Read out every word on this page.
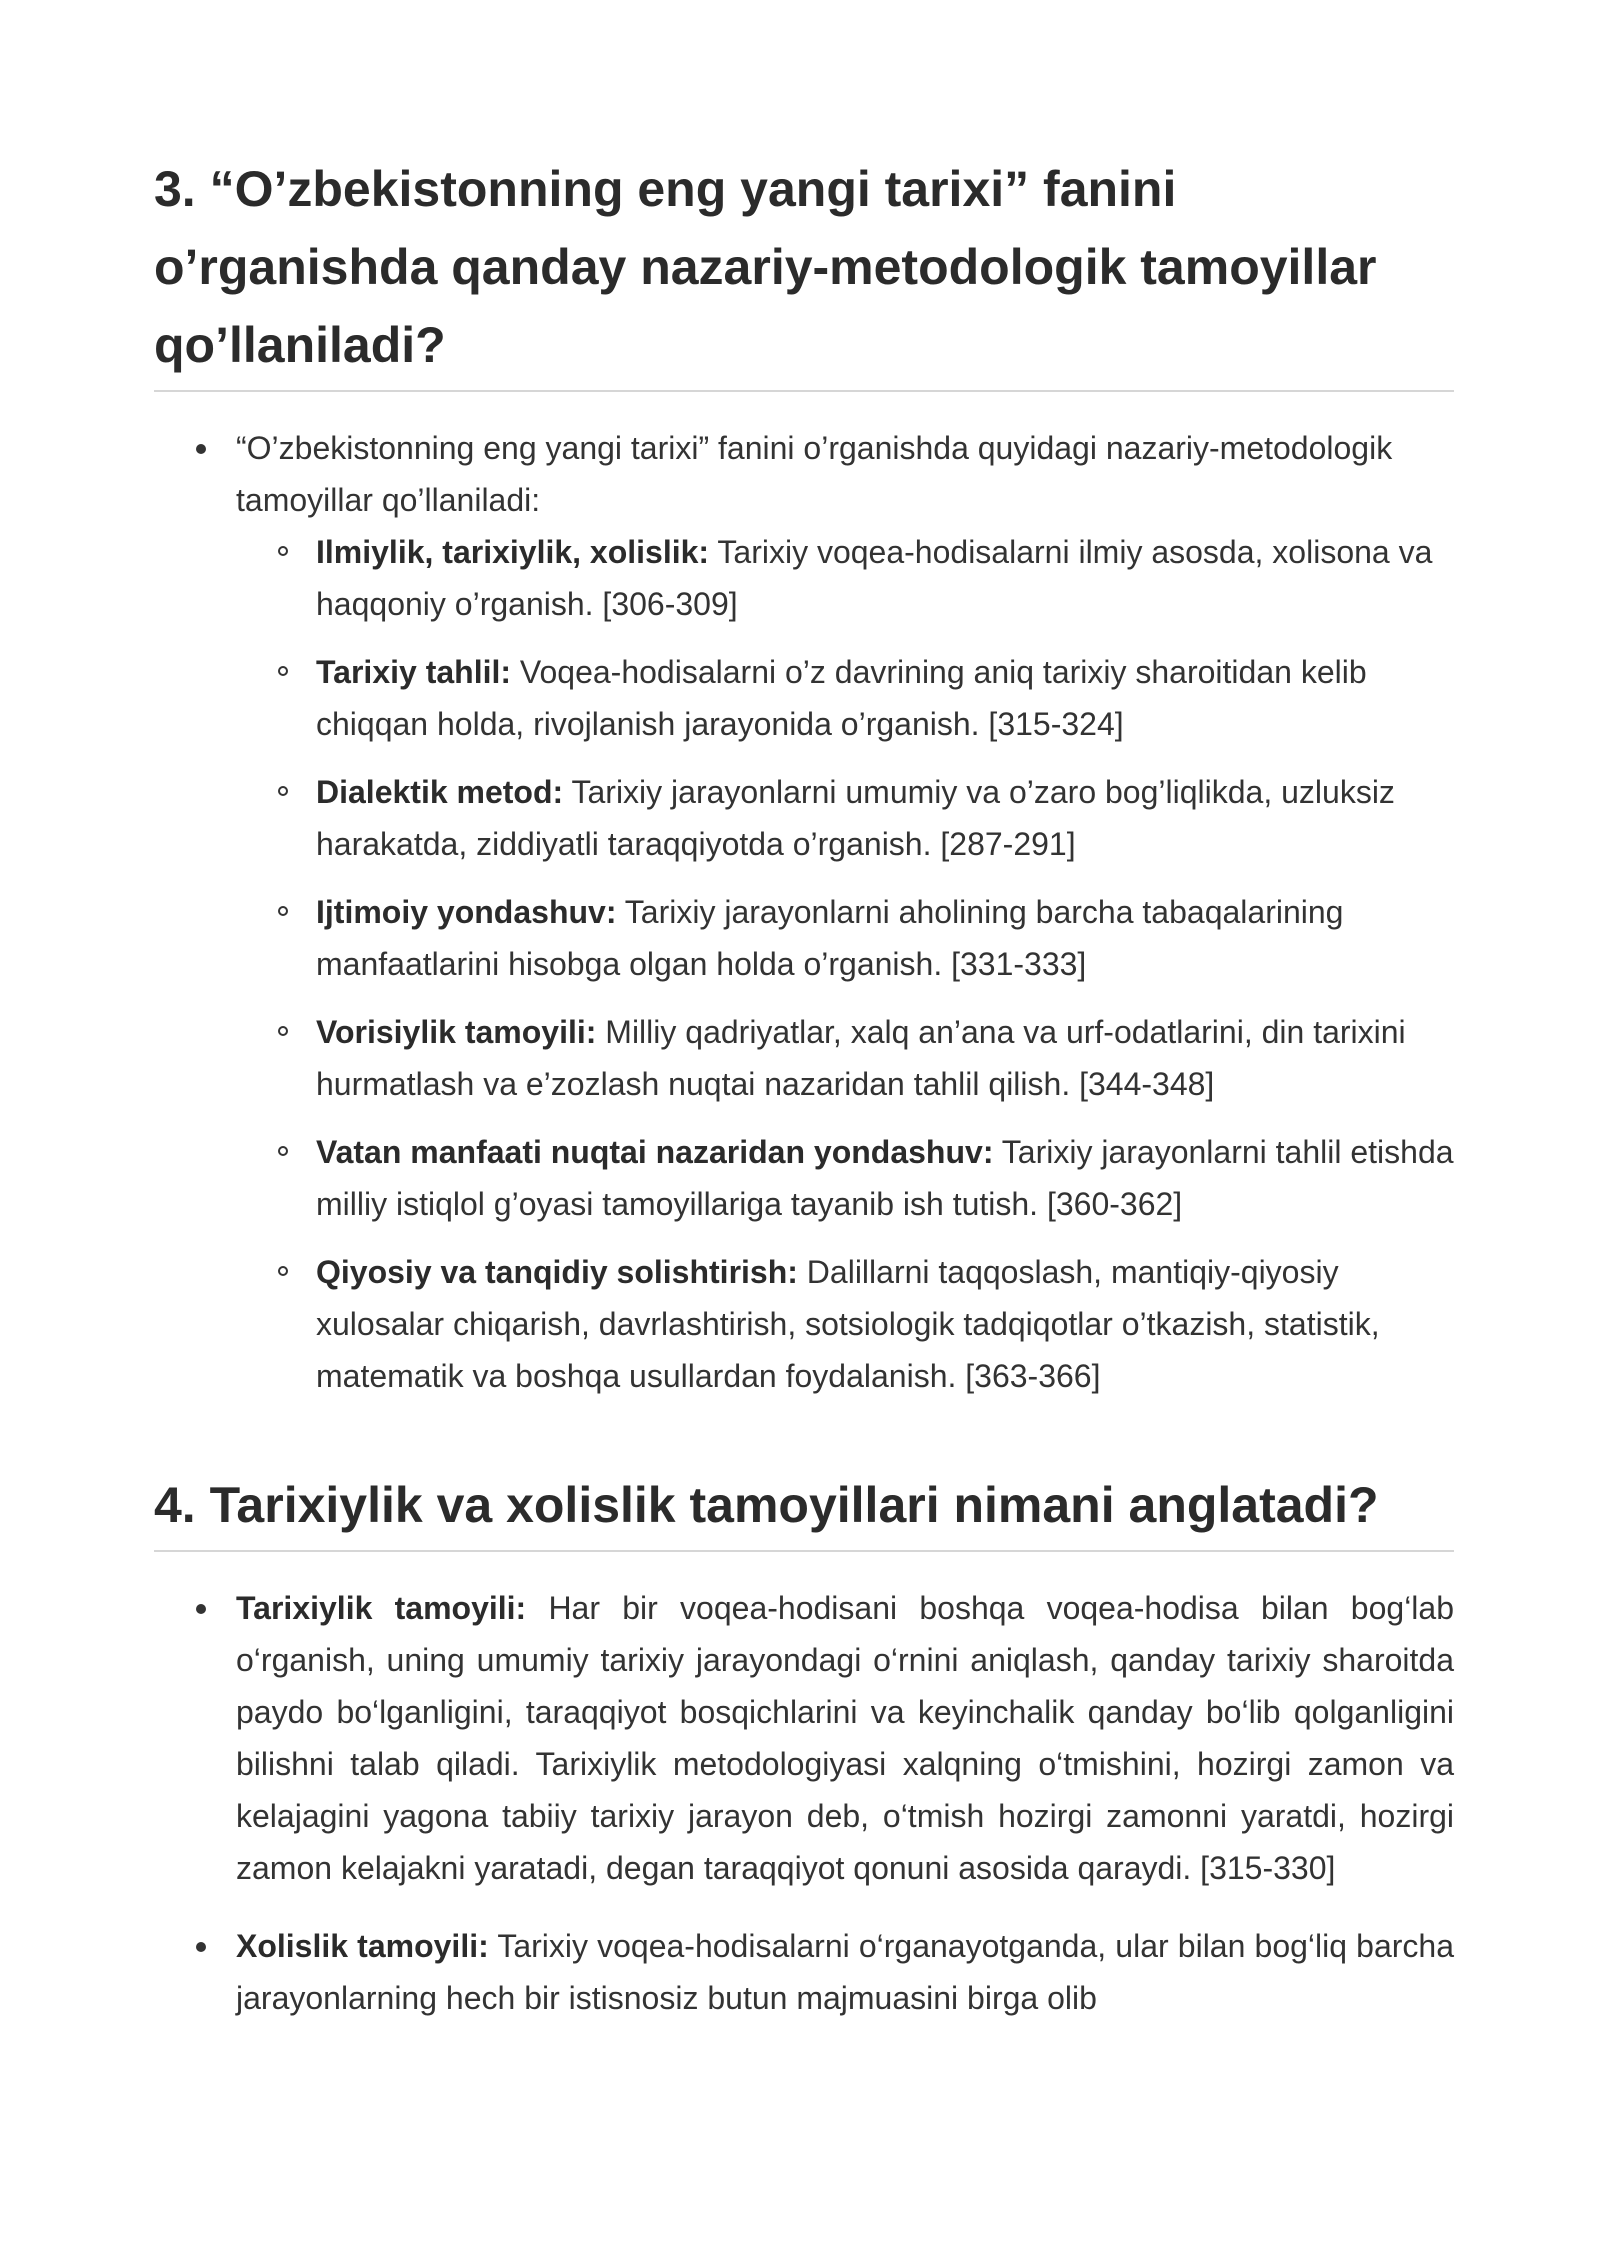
3. “O’zbekistonning eng yangi tarixi” fanini o’rganishda qanday nazariy-metodologik tamoyillar qo’llaniladi?
“O’zbekistonning eng yangi tarixi” fanini o’rganishda quyidagi nazariy-metodologik tamoyillar qo’llaniladi:
Ilmiylik, tarixiylik, xolislik: Tarixiy voqea-hodisalarni ilmiy asosda, xolisona va haqqoniy o’rganish. [306-309]
Tarixiy tahlil: Voqea-hodisalarni o’z davrining aniq tarixiy sharoitidan kelib chiqqan holda, rivojlanish jarayonida o’rganish. [315-324]
Dialektik metod: Tarixiy jarayonlarni umumiy va o’zaro bog’liqlikda, uzluksiz harakatda, ziddiyatli taraqqiyotda o’rganish. [287-291]
Ijtimoiy yondashuv: Tarixiy jarayonlarni aholining barcha tabaqalarining manfaatlarini hisobga olgan holda o’rganish. [331-333]
Vorisiylik tamoyili: Milliy qadriyatlar, xalq an’ana va urf-odatlarini, din tarixini hurmatlash va e’zozlash nuqtai nazaridan tahlil qilish. [344-348]
Vatan manfaati nuqtai nazaridan yondashuv: Tarixiy jarayonlarni tahlil etishda milliy istiqlol g’oyasi tamoyillariga tayanib ish tutish. [360-362]
Qiyosiy va tanqidiy solishtirish: Dalillarni taqqoslash, mantiqiy-qiyosiy xulosalar chiqarish, davrlashtirish, sotsiologik tadqiqotlar o’tkazish, statistik, matematik va boshqa usullardan foydalanish. [363-366]
4. Tarixiylik va xolislik tamoyillari nimani anglatadi?
Tarixiylik tamoyili: Har bir voqea-hodisani boshqa voqea-hodisa bilan bog‘lab o‘rganish, uning umumiy tarixiy jarayondagi o‘rnini aniqlash, qanday tarixiy sharoitda paydo bo‘lganligini, taraqqiyot bosqichlarini va keyinchalik qanday bo‘lib qolganligini bilishni talab qiladi. Tarixiylik metodologiyasi xalqning o‘tmishini, hozirgi zamon va kelajagini yagona tabiiy tarixiy jarayon deb, o‘tmish hozirgi zamonni yaratdi, hozirgi zamon kelajakni yaratadi, degan taraqqiyot qonuni asosida qaraydi. [315-330]
Xolislik tamoyili: Tarixiy voqea-hodisalarni o‘rganayotganda, ular bilan bog‘liq barcha jarayonlarning hech bir istisnosiz butun majmuasini birga olib
